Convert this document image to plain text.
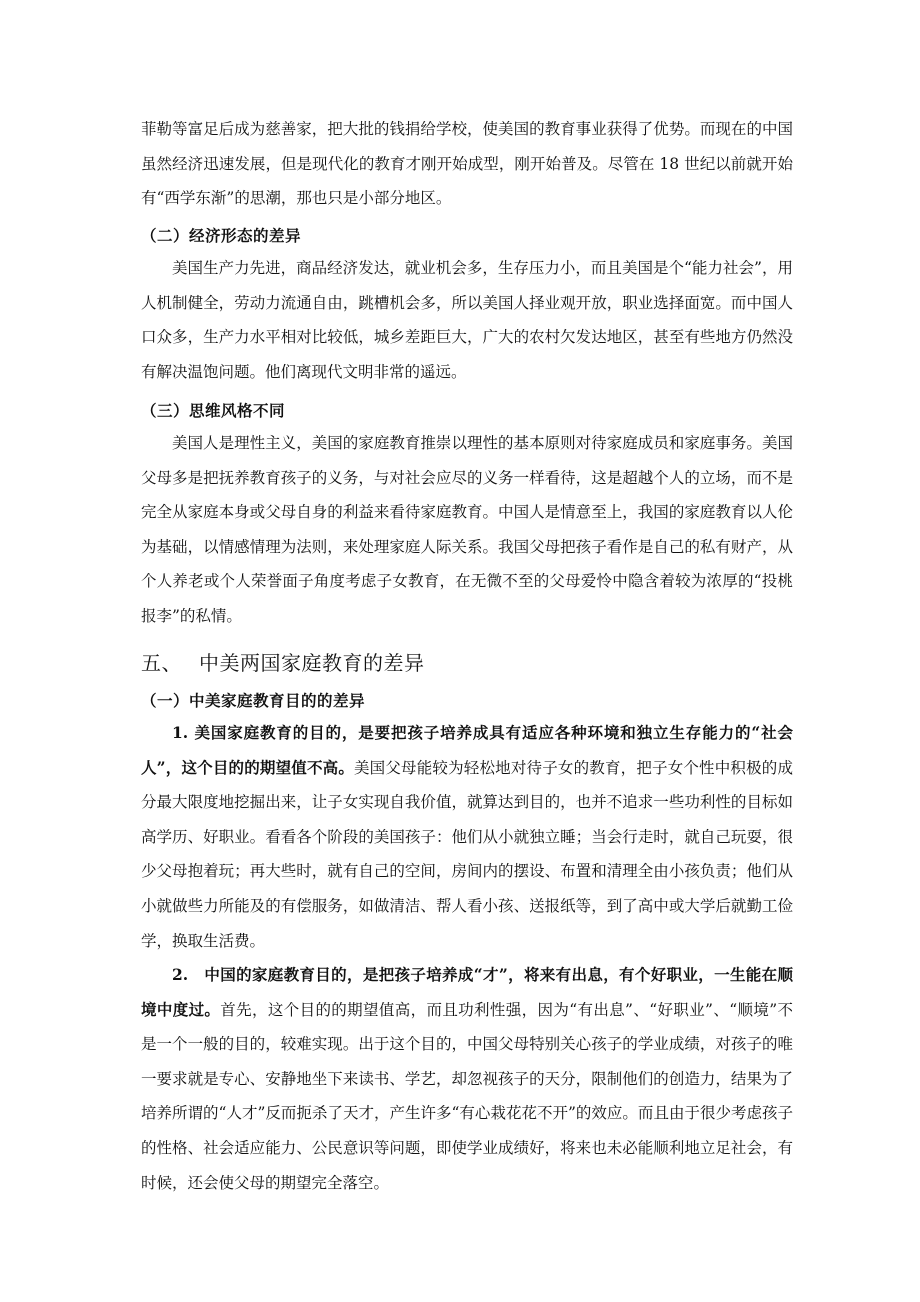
菲勒等富足后成为慈善家，把大批的钱捐给学校，使美国的教育事业获得了优势。而现在的中国虽然经济迅速发展，但是现代化的教育才刚开始成型，刚开始普及。尽管在 18 世纪以前就开始有“西学东渐”的思潮，那也只是小部分地区。

（二）经济形态的差异

美国生产力先进，商品经济发达，就业机会多，生存压力小，而且美国是个“能力社会”，用人机制健全，劳动力流通自由，跳槽机会多，所以美国人择业观开放，职业选择面宽。而中国人口众多，生产力水平相对比较低，城乡差距巨大，广大的农村欠发达地区，甚至有些地方仍然没有解决温饱问题。他们离现代文明非常的遥远。

（三）思维风格不同

美国人是理性主义，美国的家庭教育推崇以理性的基本原则对待家庭成员和家庭事务。美国父母多是把抚养教育孩子的义务，与对社会应尽的义务一样看待，这是超越个人的立场，而不是完全从家庭本身或父母自身的利益来看待家庭教育。中国人是情意至上，我国的家庭教育以人伦为基础，以情感情理为法则，来处理家庭人际关系。我国父母把孩子看作是自己的私有财产，从个人养老或个人荣誉面子角度考虑子女教育，在无微不至的父母爱怜中隐含着较为浓厚的“投桃报李”的私情。

五、 中美两国家庭教育的差异
（一）中美家庭教育目的的差异

1. 美国家庭教育的目的，是要把孩子培养成具有适应各种环境和独立生存能力的“社会人”，这个目的的期望值不高。美国父母能较为轻松地对待子女的教育，把子女个性中积极的成分最大限度地挖掘出来，让子女实现自我价值，就算达到目的，也并不追求一些功利性的目标如高学历、好职业。看看各个阶段的美国孩子：他们从小就独立睡；当会行走时，就自己玩耍，很少父母抱着玩；再大些时，就有自己的空间，房间内的摆设、布置和清理全由小孩负责；他们从小就做些力所能及的有偿服务，如做清洁、帮人看小孩、送报纸等，到了高中或大学后就勤工俭学，换取生活费。

2.　中国的家庭教育目的，是把孩子培养成“才”，将来有出息，有个好职业，一生能在顺境中度过。首先，这个目的的期望值高，而且功利性强，因为“有出息”、“好职业”、“顺境”不是一个一般的目的，较难实现。出于这个目的，中国父母特别关心孩子的学业成绩，对孩子的唯一要求就是专心、安静地坐下来读书、学艺，却忽视孩子的天分，限制他们的创造力，结果为了培养所谓的“人才”反而扼杀了天才，产生许多“有心栽花花不开”的效应。而且由于很少考虑孩子的性格、社会适应能力、公民意识等问题，即使学业成绩好，将来也未必能顺利地立足社会，有时候，还会使父母的期望完全落空。
